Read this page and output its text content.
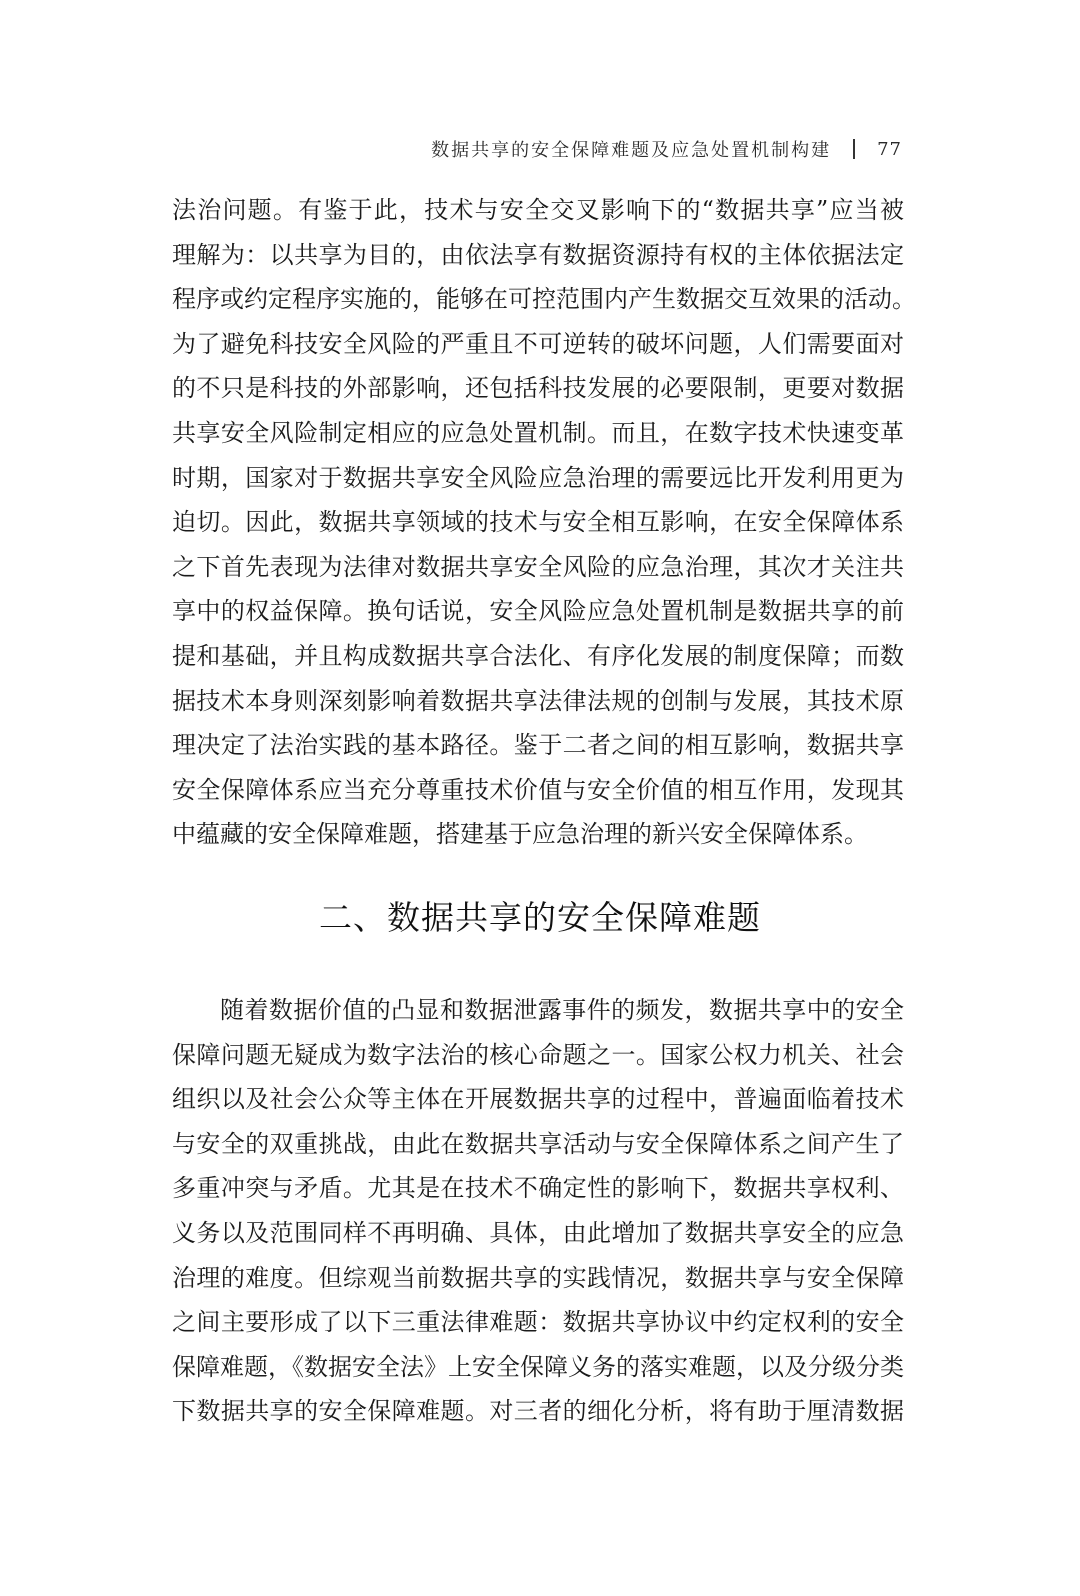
数据共享的安全保障难题及应急处置机制构建	77
法治问题。有鉴于此，技术与安全交叉影响下的“数据共享”应当被
理解为：以共享为目的，由依法享有数据资源持有权的主体依据法定
程序或约定程序实施的，能够在可控范围内产生数据交互效果的活动。
为了避免科技安全风险的严重且不可逆转的破坏问题，人们需要面对
的不只是科技的外部影响，还包括科技发展的必要限制，更要对数据
共享安全风险制定相应的应急处置机制。而且，在数字技术快速变革
时期，国家对于数据共享安全风险应急治理的需要远比开发利用更为
迫切。因此，数据共享领域的技术与安全相互影响，在安全保障体系
之下首先表现为法律对数据共享安全风险的应急治理，其次才关注共
享中的权益保障。换句话说，安全风险应急处置机制是数据共享的前
提和基础，并且构成数据共享合法化、有序化发展的制度保障；而数
据技术本身则深刻影响着数据共享法律法规的创制与发展，其技术原
理决定了法治实践的基本路径。鉴于二者之间的相互影响，数据共享
安全保障体系应当充分尊重技术价值与安全价值的相互作用，发现其
中蕴藏的安全保障难题，搭建基于应急治理的新兴安全保障体系。
二、数据共享的安全保障难题
随着数据价值的凸显和数据泄露事件的频发，数据共享中的安全
保障问题无疑成为数字法治的核心命题之一。国家公权力机关、社会
组织以及社会公众等主体在开展数据共享的过程中，普遍面临着技术
与安全的双重挑战，由此在数据共享活动与安全保障体系之间产生了
多重冲突与矛盾。尤其是在技术不确定性的影响下，数据共享权利、
义务以及范围同样不再明确、具体，由此增加了数据共享安全的应急
治理的难度。但综观当前数据共享的实践情况，数据共享与安全保障
之间主要形成了以下三重法律难题：数据共享协议中约定权利的安全
保障难题，《数据安全法》上安全保障义务的落实难题，以及分级分类
下数据共享的安全保障难题。对三者的细化分析，将有助于厘清数据
